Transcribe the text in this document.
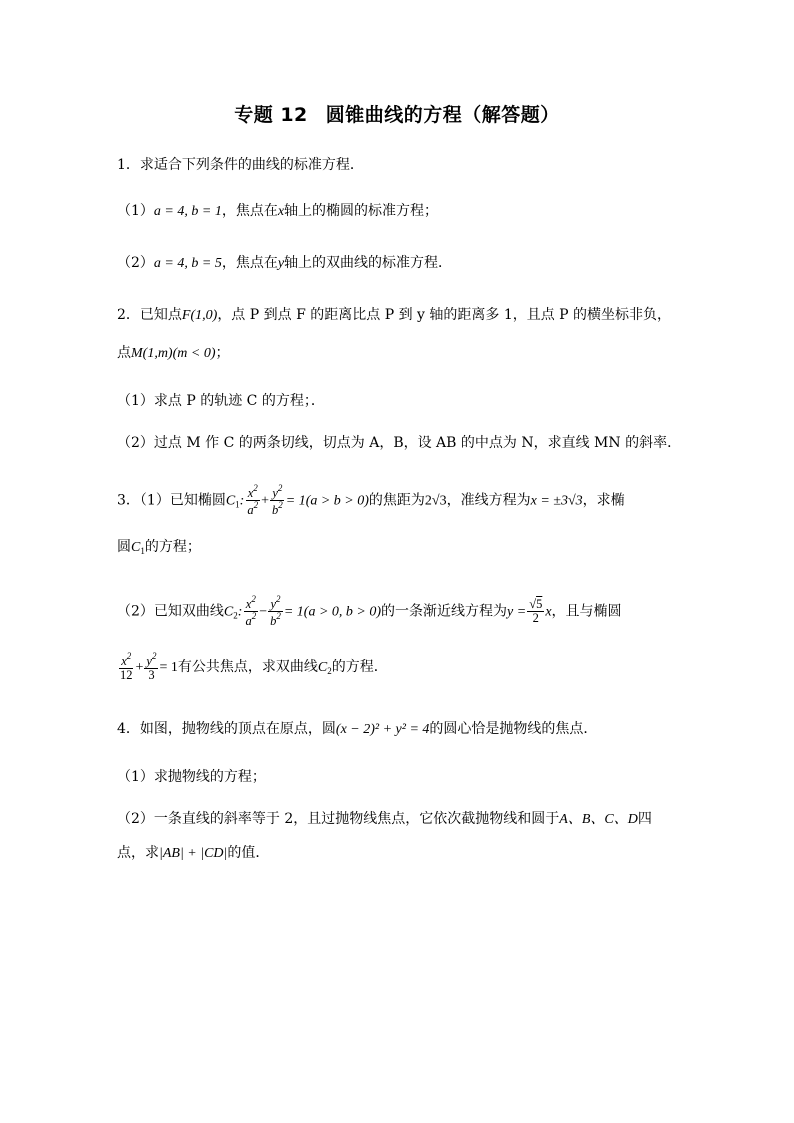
专题 12 圆锥曲线的方程（解答题）
1．求适合下列条件的曲线的标准方程．
（1）a = 4, b = 1，焦点在x轴上的椭圆的标准方程；
（2）a = 4, b = 5，焦点在y轴上的双曲线的标准方程．
2．已知点F(1,0)，点 P 到点 F 的距离比点 P 到 y 轴的距离多 1，且点 P 的横坐标非负，
点M(1,m)(m < 0)；
（1）求点 P 的轨迹 C 的方程；．
（2）过点 M 作 C 的两条切线，切点为 A，B，设 AB 的中点为 N，求直线 MN 的斜率．
3．（1）已知椭圆$C_1$: $\frac{x^2}{a^2} + \frac{y^2}{b^2} = 1(a > b > 0)$的焦距为2√3，准线方程为x = ±3√3，求椭
圆$C_1$的方程；
（2）已知双曲线$C_2$: $\frac{x^2}{a^2} - \frac{y^2}{b^2} = 1(a > 0$, b > 0)的一条渐近线方程为$y = \frac{√5}{2}$ x，且与椭圆
$\frac{x^2}{12} + \frac{y^2}{3} = 1$有公共焦点，求双曲线$C_2$的方程．
4．如图，抛物线的顶点在原点，圆(x − 2)² + y² = 4的圆心恰是抛物线的焦点．
（1）求抛物线的方程；
（2）一条直线的斜率等于 2，且过抛物线焦点，它依次截抛物线和圆于A、B、C、D四
点，求|AB| + |CD|的值．
